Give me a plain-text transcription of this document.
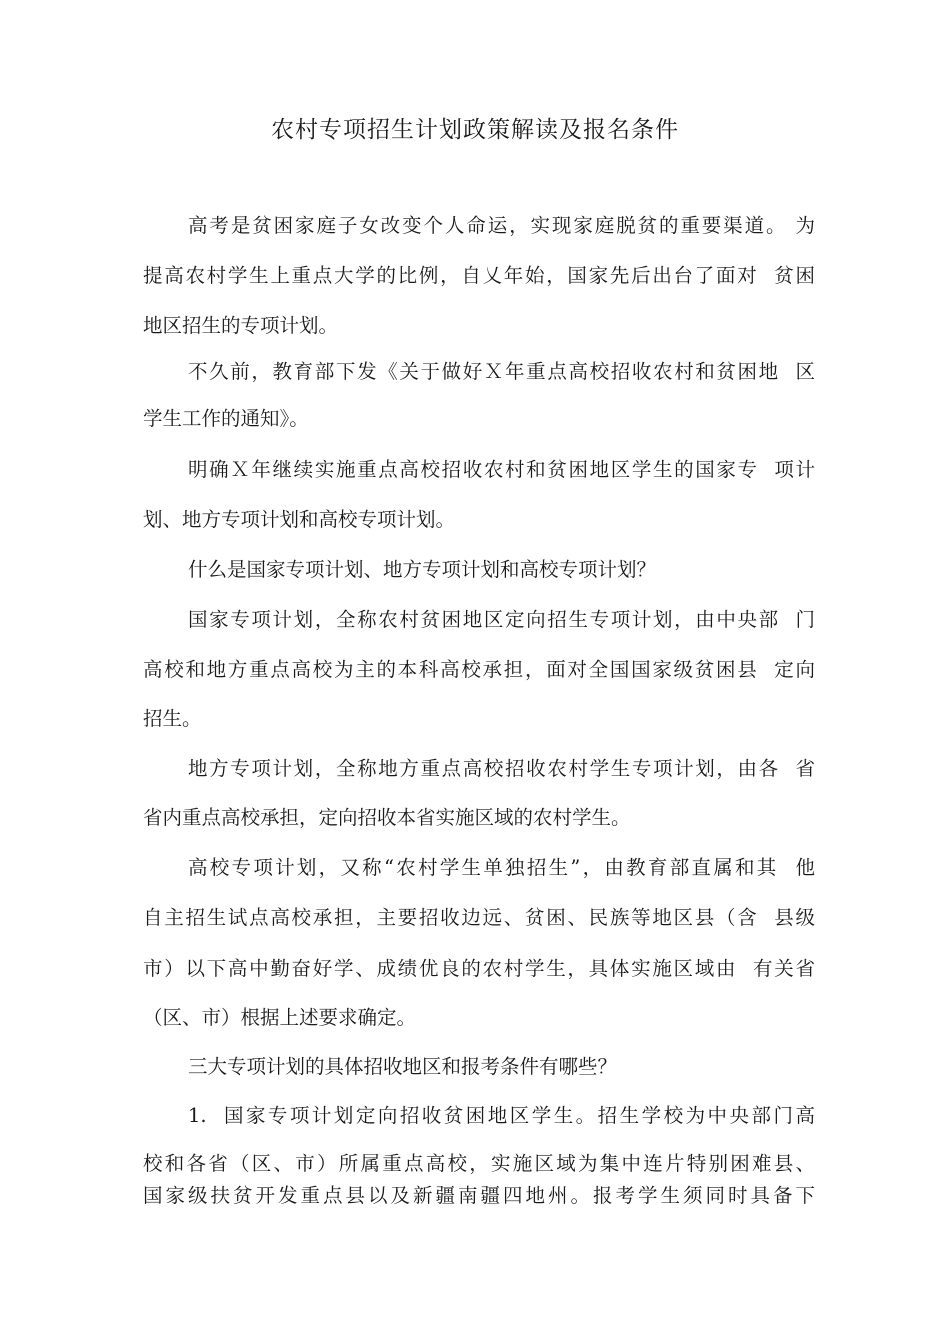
农村专项招生计划政策解读及报名条件

高考是贫困家庭子女改变个人命运，实现家庭脱贫的重要渠道。 为

提高农村学生上重点大学的比例，自乂年始，国家先后出台了面对  贫困

地区招生的专项计划。

不久前，教育部下发《关于做好Ｘ年重点高校招收农村和贫困地  区

学生工作的通知》。

明确Ｘ年继续实施重点高校招收农村和贫困地区学生的国家专  项计

划、地方专项计划和高校专项计划。

什么是国家专项计划、地方专项计划和高校专项计划？

国家专项计划，全称农村贫困地区定向招生专项计划，由中央部  门

高校和地方重点高校为主的本科高校承担，面对全国国家级贫困县  定向

招生。

地方专项计划，全称地方重点高校招收农村学生专项计划，由各  省

省内重点高校承担，定向招收本省实施区域的农村学生。

高校专项计划，又称“农村学生单独招生”，由教育部直属和其  他

自主招生试点高校承担，主要招收边远、贫困、民族等地区县（含  县级

市）以下高中勤奋好学、成绩优良的农村学生，具体实施区域由  有关省

（区、市）根据上述要求确定。

三大专项计划的具体招收地区和报考条件有哪些？

1.  国家专项计划定向招收贫困地区学生。招生学校为中央部门高

校和各省（区、市）所属重点高校，实施区域为集中连片特别困难县、

国家级扶贫开发重点县以及新疆南疆四地州。报考学生须同时具备下
